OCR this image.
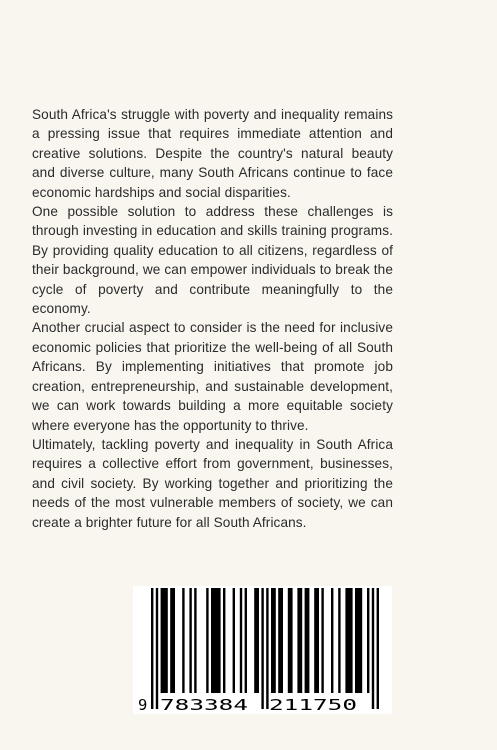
South Africa's struggle with poverty and inequality remains a pressing issue that requires immediate attention and creative solutions. Despite the country's natural beauty and diverse culture, many South Africans continue to face economic hardships and social disparities.

One possible solution to address these challenges is through investing in education and skills training programs. By providing quality education to all citizens, regardless of their background, we can empower individuals to break the cycle of poverty and contribute meaningfully to the economy.

Another crucial aspect to consider is the need for inclusive economic policies that prioritize the well-being of all South Africans. By implementing initiatives that promote job creation, entrepreneurship, and sustainable development, we can work towards building a more equitable society where everyone has the opportunity to thrive.

Ultimately, tackling poverty and inequality in South Africa requires a collective effort from government, businesses, and civil society. By working together and prioritizing the needs of the most vulnerable members of society, we can create a brighter future for all South Africans.

9 783384 211750
